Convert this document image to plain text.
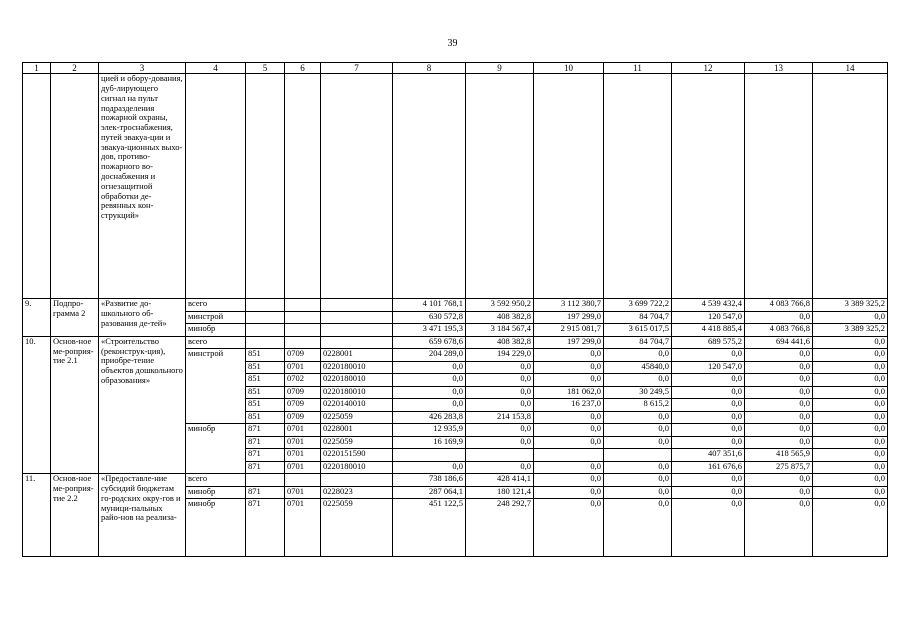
39
1	2	3	4	5	6	7	8	9	10	11	12	13	14
		цией и обору-дования, дуб-лирующего сигнал на пульт подразделения пожарной охраны, элек-троснабжения, путей эвакуа-ции и эвакуа-ционных выхо-дов, противо-пожарного во-доснабжения и огнезащитной обработки де-ревянных кон-струкций»											
9.	Подпро-грамма 2	«Развитие до-школьного об-разования де-тей»	всего				4 101 768,1	3 592 950,2	3 112 380,7	3 699 722,2	4 539 432,4	4 083 766,8	3 389 325,2
			минстрой				630 572,8	408 382,8	197 299,0	84 704,7	120 547,0	0,0	0,0
			минобр				3 471 195,3	3 184 567,4	2 915 081,7	3 615 017,5	4 418 885,4	4 083 766,8	3 389 325,2
10.	Основ-ное ме-роприя-тие 2.1	«Строительство (реконструк-ция), приобре-тение объектов дошкольного образования»	всего				659 678,6	408 382,8	197 299,0	84 704,7	689 575,2	694 441,6	0,0
			минстрой	851	0709	0228001	204 289,0	194 229,0	0,0	0,0	0,0	0,0	0,0
				851	0701	0220180010	0,0	0,0	0,0	45840,0	120 547,0	0,0	0,0
				851	0702	0220180010	0,0	0,0	0,0	0,0	0,0	0,0	0,0
				851	0709	0220180010	0,0	0,0	181 062,0	30 249,5	0,0	0,0	0,0
				851	0709	0220140010	0,0	0,0	16 237,0	8 615,2	0,0	0,0	0,0
				851	0709	0225059	426 283,8	214 153,8	0,0	0,0	0,0	0,0	0,0
			минобр	871	0701	0228001	12 935,9	0,0	0,0	0,0	0,0	0,0	0,0
				871	0701	0225059	16 169,9	0,0	0,0	0,0	0,0	0,0	0,0
				871	0701	0220151590					407 351,6	418 565,9	0,0
				871	0701	0220180010	0,0	0,0	0,0	0,0	161 676,6	275 875,7	0,0
11.	Основ-ное ме-роприя-тие 2.2	«Предоставле-ние субсидий бюджетам го-родских окру-гов и муници-пальных райо-нов на реализа-	всего				738 186,6	428 414,1	0,0	0,0	0,0	0,0	0,0
			минобр	871	0701	0228023	287 064,1	180 121,4	0,0	0,0	0,0	0,0	0,0
			минобр	871	0701	0225059	451 122,5	248 292,7	0,0	0,0	0,0	0,0	0,0
